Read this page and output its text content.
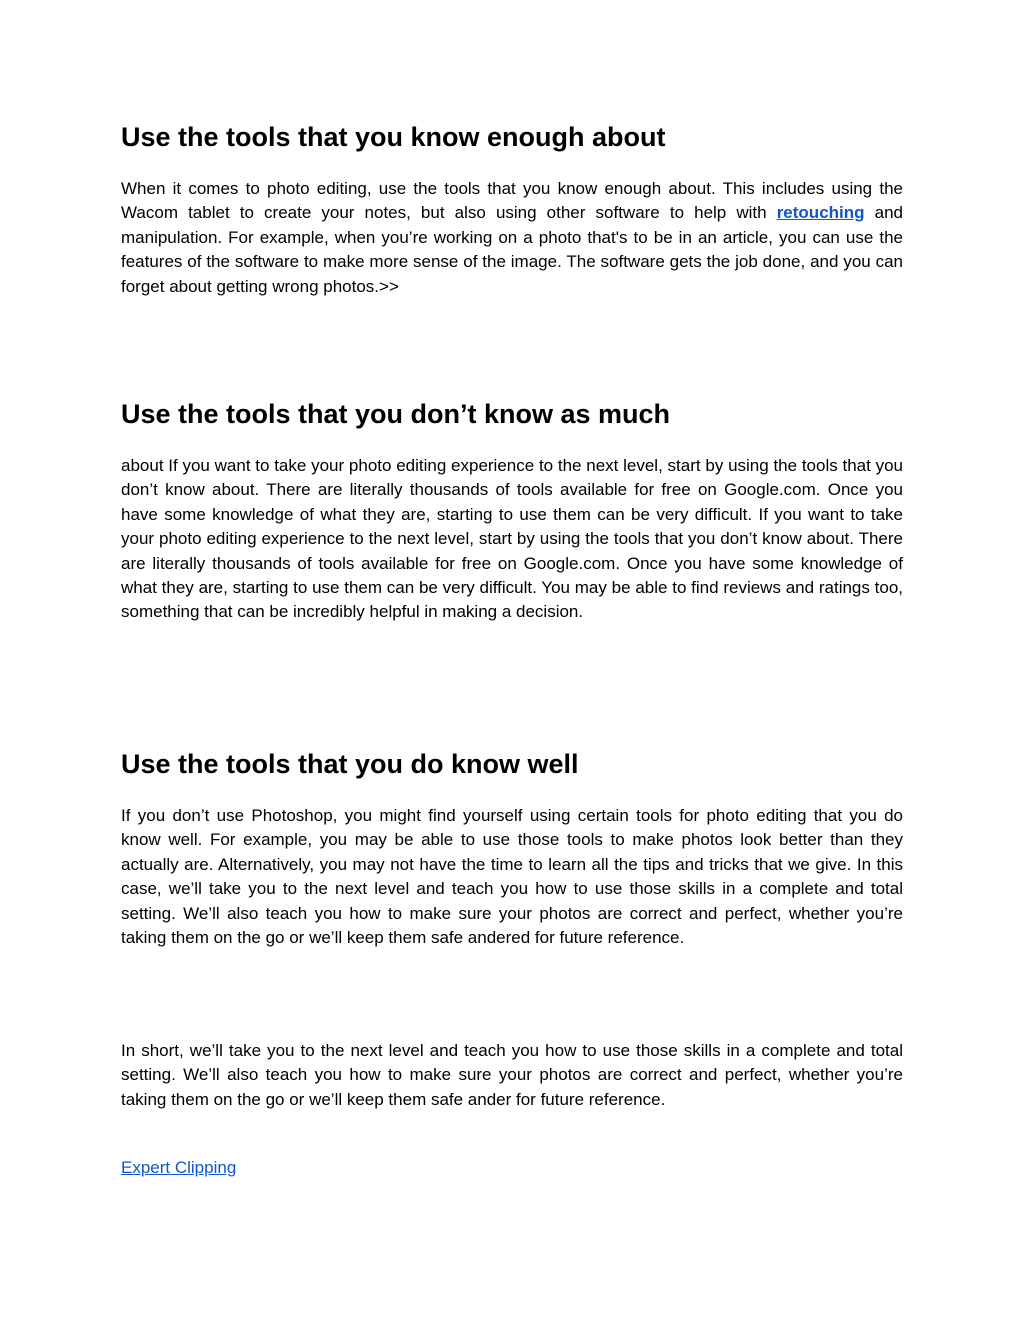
Use the tools that you know enough about

When it comes to photo editing, use the tools that you know enough about. This includes using the Wacom tablet to create your notes, but also using other software to help with retouching and manipulation. For example, when you’re working on a photo that's to be in an article, you can use the features of the software to make more sense of the image. The software gets the job done, and you can forget about getting wrong photos.>>

Use the tools that you don’t know as much

about If you want to take your photo editing experience to the next level, start by using the tools that you don’t know about. There are literally thousands of tools available for free on Google.com. Once you have some knowledge of what they are, starting to use them can be very difficult. If you want to take your photo editing experience to the next level, start by using the tools that you don’t know about. There are literally thousands of tools available for free on Google.com. Once you have some knowledge of what they are, starting to use them can be very difficult. You may be able to find reviews and ratings too, something that can be incredibly helpful in making a decision.

Use the tools that you do know well

If you don’t use Photoshop, you might find yourself using certain tools for photo editing that you do know well. For example, you may be able to use those tools to make photos look better than they actually are. Alternatively, you may not have the time to learn all the tips and tricks that we give. In this case, we’ll take you to the next level and teach you how to use those skills in a complete and total setting. We’ll also teach you how to make sure your photos are correct and perfect, whether you’re taking them on the go or we’ll keep them safe andered for future reference.

In short, we’ll take you to the next level and teach you how to use those skills in a complete and total setting. We’ll also teach you how to make sure your photos are correct and perfect, whether you’re taking them on the go or we’ll keep them safe ander for future reference.

Expert Clipping
